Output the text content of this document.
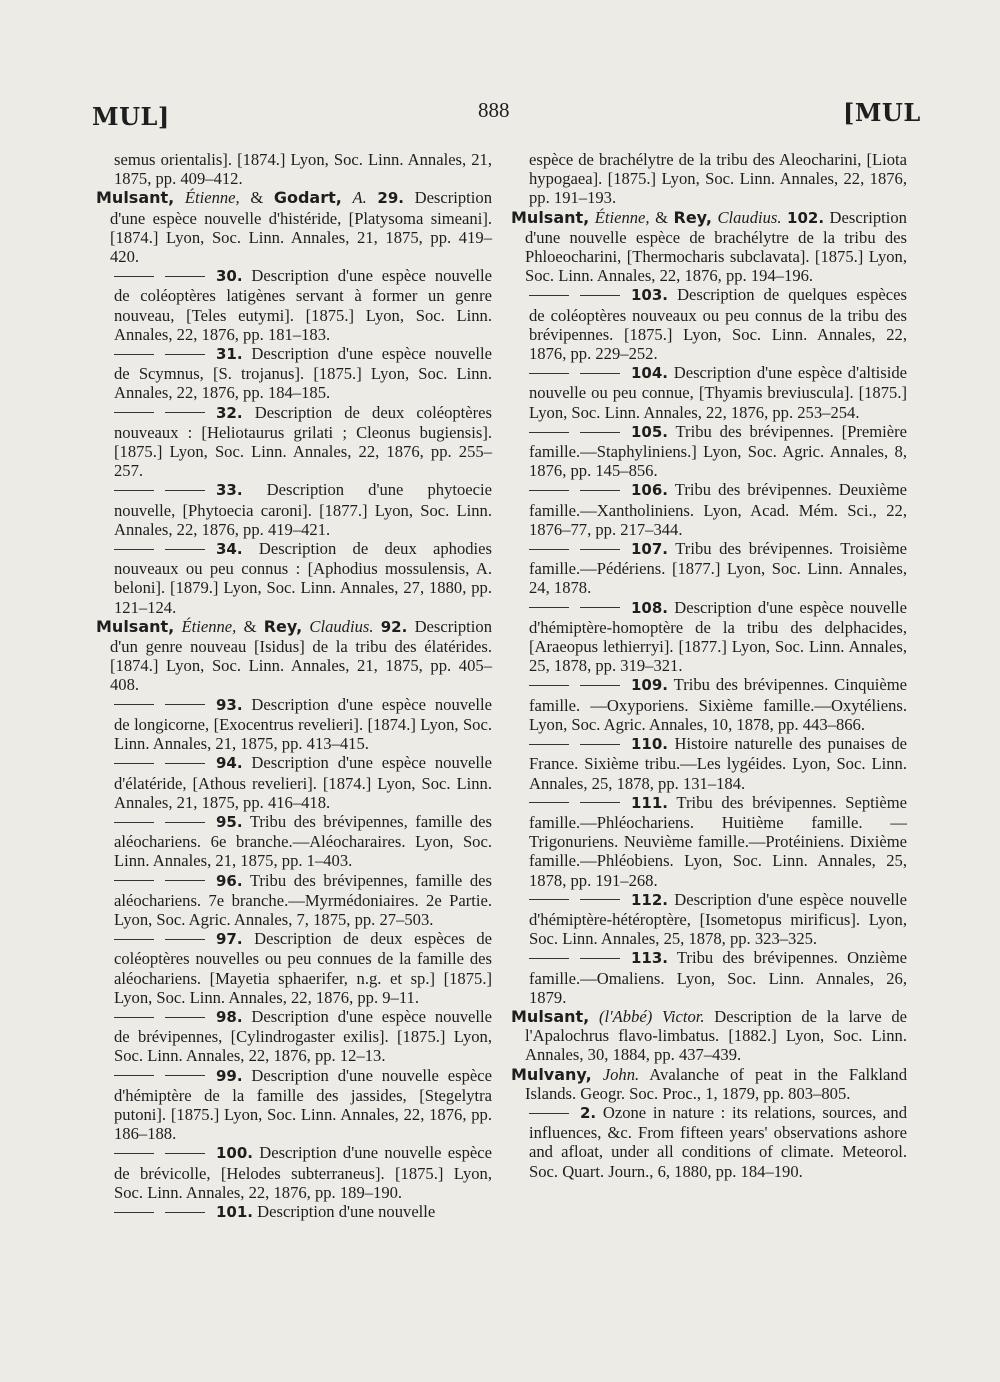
MUL]	888	[MUL

semus orientalis]. [1874.] Lyon, Soc. Linn. Annales, 21, 1875, pp. 409–412.

Mulsant, Étienne, & Godart, A. 29. Description d'une espèce nouvelle d'histéride, [Platysoma simeani]. [1874.] Lyon, Soc. Linn. Annales, 21, 1875, pp. 419–420.

30. Description d'une espèce nouvelle de coléoptères latigènes servant à former un genre nouveau, [Teles eutymi]. [1875.] Lyon, Soc. Linn. Annales, 22, 1876, pp. 181–183.

31. Description d'une espèce nouvelle de Scymnus, [S. trojanus]. [1875.] Lyon, Soc. Linn. Annales, 22, 1876, pp. 184–185.

32. Description de deux coléoptères nouveaux : [Heliotaurus grilati ; Cleonus bugiensis]. [1875.] Lyon, Soc. Linn. Annales, 22, 1876, pp. 255–257.

33. Description d'une phytoecie nouvelle, [Phytoecia caroni]. [1877.] Lyon, Soc. Linn. Annales, 22, 1876, pp. 419–421.

34. Description de deux aphodies nouveaux ou peu connus : [Aphodius mossulensis, A. beloni]. [1879.] Lyon, Soc. Linn. Annales, 27, 1880, pp. 121–124.

Mulsant, Étienne, & Rey, Claudius. 92. Description d'un genre nouveau [Isidus] de la tribu des élatérides. [1874.] Lyon, Soc. Linn. Annales, 21, 1875, pp. 405–408.

93. Description d'une espèce nouvelle de longicorne, [Exocentrus revelieri]. [1874.] Lyon, Soc. Linn. Annales, 21, 1875, pp. 413–415.

94. Description d'une espèce nouvelle d'élatéride, [Athous revelieri]. [1874.] Lyon, Soc. Linn. Annales, 21, 1875, pp. 416–418.

95. Tribu des brévipennes, famille des aléochariens. 6e branche.—Aléocharaires. Lyon, Soc. Linn. Annales, 21, 1875, pp. 1–403.

96. Tribu des brévipennes, famille des aléochariens. 7e branche.—Myrmédoniaires. 2e Partie. Lyon, Soc. Agric. Annales, 7, 1875, pp. 27–503.

97. Description de deux espèces de coléoptères nouvelles ou peu connues de la famille des aléochariens. [Mayetia sphaerifer, n.g. et sp.] [1875.] Lyon, Soc. Linn. Annales, 22, 1876, pp. 9–11.

98. Description d'une espèce nouvelle de brévipennes, [Cylindrogaster exilis]. [1875.] Lyon, Soc. Linn. Annales, 22, 1876, pp. 12–13.

99. Description d'une nouvelle espèce d'hémiptère de la famille des jassides, [Stegelytra putoni]. [1875.] Lyon, Soc. Linn. Annales, 22, 1876, pp. 186–188.

100. Description d'une nouvelle espèce de brévicolle, [Helodes subterraneus]. [1875.] Lyon, Soc. Linn. Annales, 22, 1876, pp. 189–190.

101. Description d'une nouvelle

espèce de brachélytre de la tribu des Aleocharini, [Liota hypogaea]. [1875.] Lyon, Soc. Linn. Annales, 22, 1876, pp. 191–193.

Mulsant, Étienne, & Rey, Claudius. 102. Description d'une nouvelle espèce de brachélytre de la tribu des Phloeocharini, [Thermocharis subclavata]. [1875.] Lyon, Soc. Linn. Annales, 22, 1876, pp. 194–196.

103. Description de quelques espèces de coléoptères nouveaux ou peu connus de la tribu des brévipennes. [1875.] Lyon, Soc. Linn. Annales, 22, 1876, pp. 229–252.

104. Description d'une espèce d'altiside nouvelle ou peu connue, [Thyamis breviuscula]. [1875.] Lyon, Soc. Linn. Annales, 22, 1876, pp. 253–254.

105. Tribu des brévipennes. [Première famille.—Staphyliniens.] Lyon, Soc. Agric. Annales, 8, 1876, pp. 145–856.

106. Tribu des brévipennes. Deuxième famille.—Xantholiniens. Lyon, Acad. Mém. Sci., 22, 1876–77, pp. 217–344.

107. Tribu des brévipennes. Troisième famille.—Pédériens. [1877.] Lyon, Soc. Linn. Annales, 24, 1878.

108. Description d'une espèce nouvelle d'hémiptère-homoptère de la tribu des delphacides, [Araeopus lethierryi]. [1877.] Lyon, Soc. Linn. Annales, 25, 1878, pp. 319–321.

109. Tribu des brévipennes. Cinquième famille. —Oxyporiens. Sixième famille.—Oxytéliens. Lyon, Soc. Agric. Annales, 10, 1878, pp. 443–866.

110. Histoire naturelle des punaises de France. Sixième tribu.—Les lygéides. Lyon, Soc. Linn. Annales, 25, 1878, pp. 131–184.

111. Tribu des brévipennes. Septième famille.—Phléochariens. Huitième famille. —Trigonuriens. Neuvième famille.—Protéiniens. Dixième famille.—Phléobiens. Lyon, Soc. Linn. Annales, 25, 1878, pp. 191–268.

112. Description d'une espèce nouvelle d'hémiptère-hétéroptère, [Isometopus mirificus]. Lyon, Soc. Linn. Annales, 25, 1878, pp. 323–325.

113. Tribu des brévipennes. Onzième famille.—Omaliens. Lyon, Soc. Linn. Annales, 26, 1879.

Mulsant, (l'Abbé) Victor. Description de la larve de l'Apalochrus flavo-limbatus. [1882.] Lyon, Soc. Linn. Annales, 30, 1884, pp. 437–439.

Mulvany, John. Avalanche of peat in the Falkland Islands. Geogr. Soc. Proc., 1, 1879, pp. 803–805.

2. Ozone in nature : its relations, sources, and influences, &c. From fifteen years' observations ashore and afloat, under all conditions of climate. Meteorol. Soc. Quart. Journ., 6, 1880, pp. 184–190.
